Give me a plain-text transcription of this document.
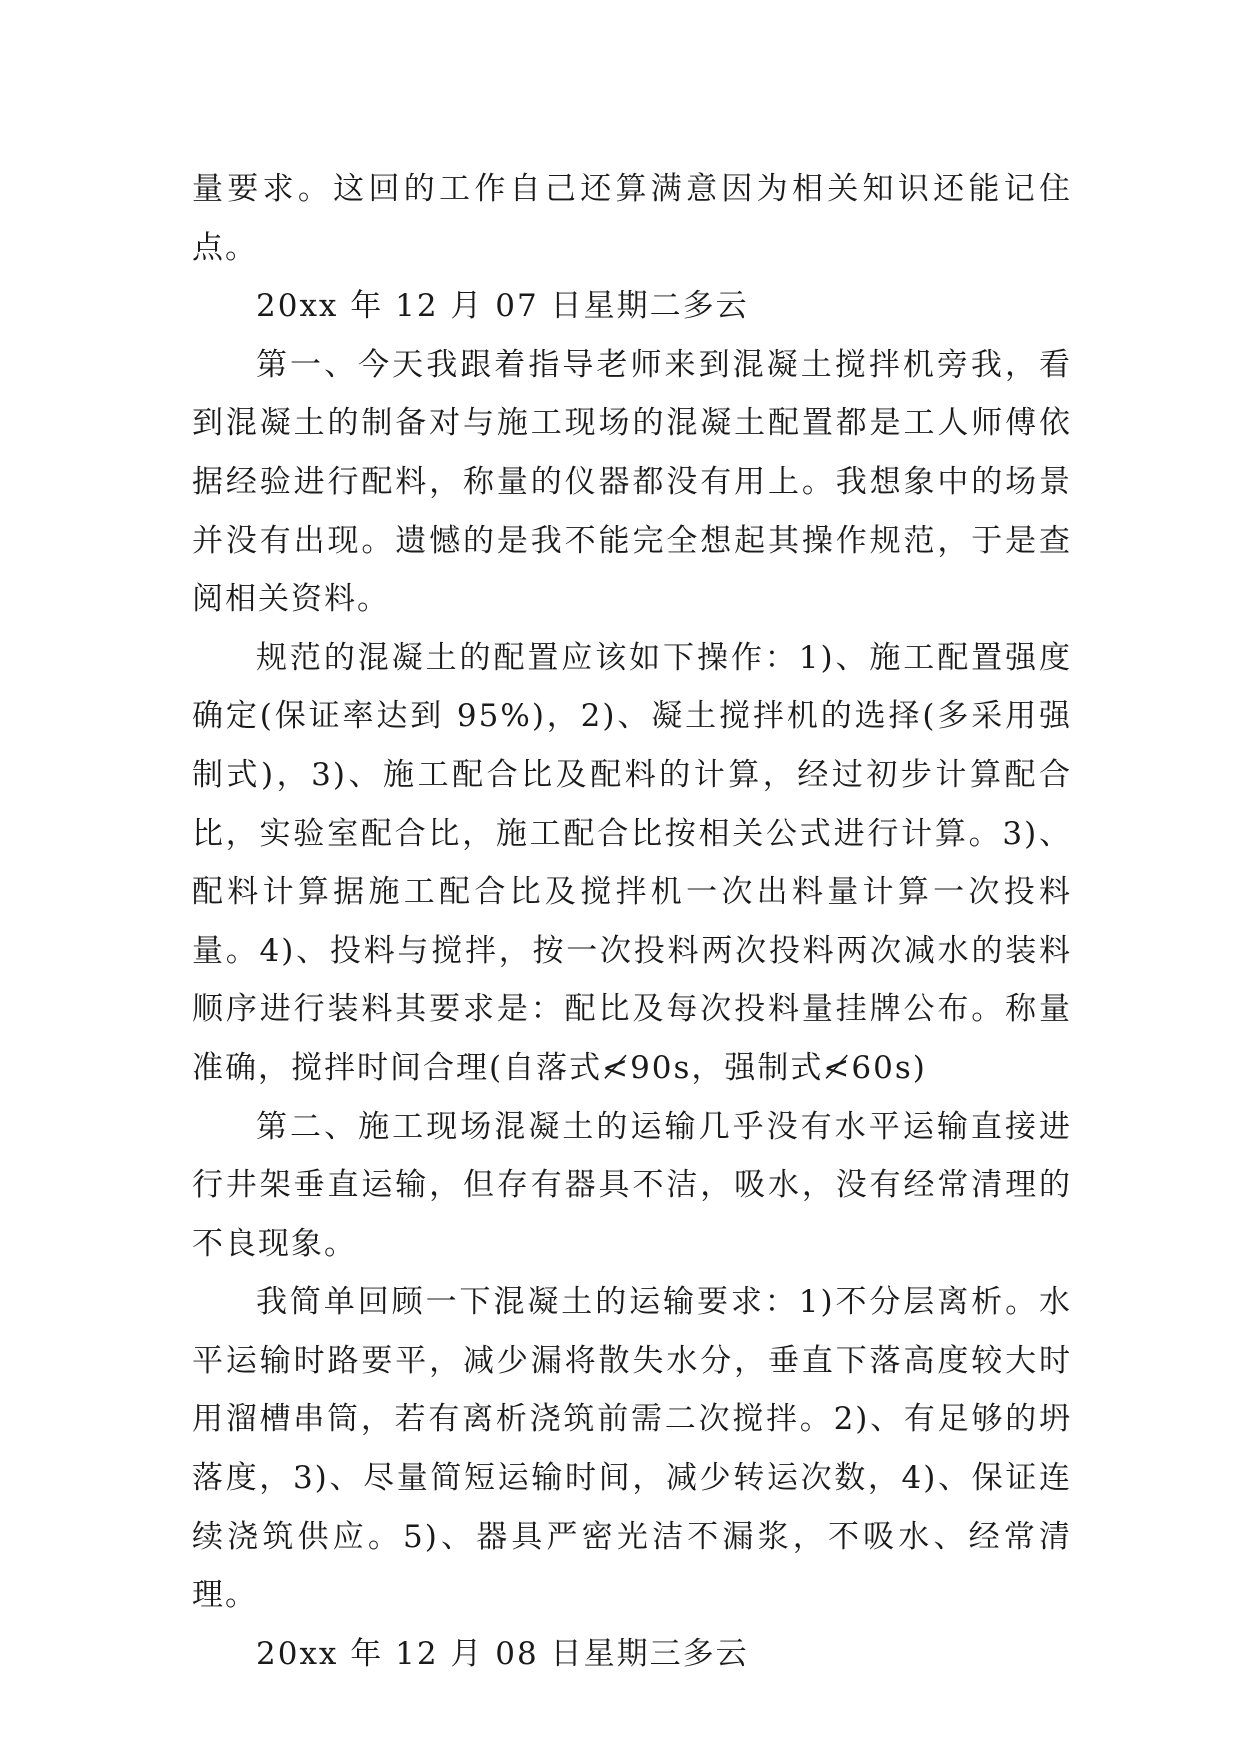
量要求。这回的工作自己还算满意因为相关知识还能记住点。

20xx 年 12 月 07 日星期二多云

第一、今天我跟着指导老师来到混凝土搅拌机旁我，看到混凝土的制备对与施工现场的混凝土配置都是工人师傅依据经验进行配料，称量的仪器都没有用上。我想象中的场景并没有出现。遗憾的是我不能完全想起其操作规范，于是查阅相关资料。

规范的混凝土的配置应该如下操作：1)、施工配置强度确定(保证率达到 95%)，2)、凝土搅拌机的选择(多采用强制式)，3)、施工配合比及配料的计算，经过初步计算配合比，实验室配合比，施工配合比按相关公式进行计算。3)、配料计算据施工配合比及搅拌机一次出料量计算一次投料量。4)、投料与搅拌，按一次投料两次投料两次减水的装料顺序进行装料其要求是：配比及每次投料量挂牌公布。称量准确，搅拌时间合理(自落式≮90s，强制式≮60s)

第二、施工现场混凝土的运输几乎没有水平运输直接进行井架垂直运输，但存有器具不洁，吸水，没有经常清理的不良现象。

我简单回顾一下混凝土的运输要求：1)不分层离析。水平运输时路要平，减少漏将散失水分，垂直下落高度较大时用溜槽串筒，若有离析浇筑前需二次搅拌。2)、有足够的坍落度，3)、尽量简短运输时间，减少转运次数，4)、保证连续浇筑供应。5)、器具严密光洁不漏浆，不吸水、经常清理。

20xx 年 12 月 08 日星期三多云
